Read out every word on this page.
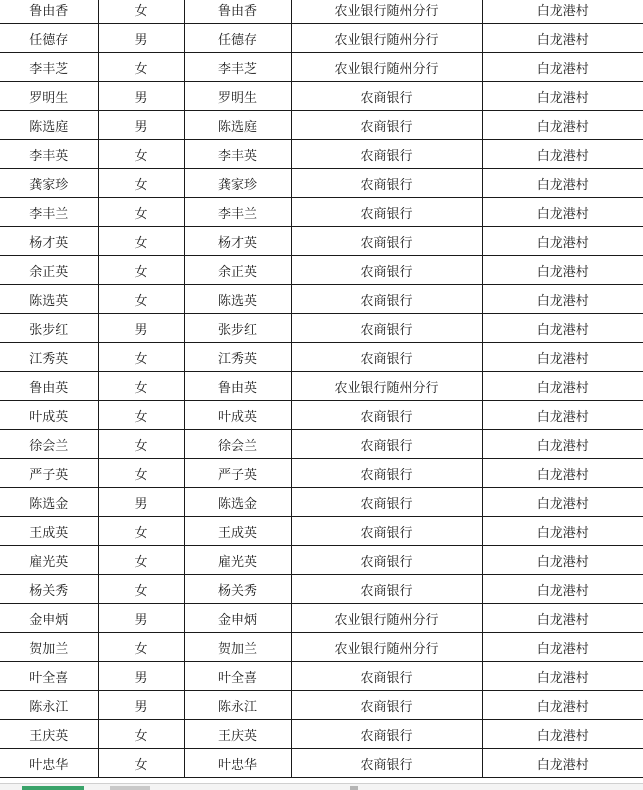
鲁由香	女	鲁由香	农业银行随州分行	白龙港村
任德存	男	任德存	农业银行随州分行	白龙港村
李丰芝	女	李丰芝	农业银行随州分行	白龙港村
罗明生	男	罗明生	农商银行	白龙港村
陈选庭	男	陈选庭	农商银行	白龙港村
李丰英	女	李丰英	农商银行	白龙港村
龚家珍	女	龚家珍	农商银行	白龙港村
李丰兰	女	李丰兰	农商银行	白龙港村
杨才英	女	杨才英	农商银行	白龙港村
余正英	女	余正英	农商银行	白龙港村
陈选英	女	陈选英	农商银行	白龙港村
张步红	男	张步红	农商银行	白龙港村
江秀英	女	江秀英	农商银行	白龙港村
鲁由英	女	鲁由英	农业银行随州分行	白龙港村
叶成英	女	叶成英	农商银行	白龙港村
徐会兰	女	徐会兰	农商银行	白龙港村
严子英	女	严子英	农商银行	白龙港村
陈选金	男	陈选金	农商银行	白龙港村
王成英	女	王成英	农商银行	白龙港村
雇光英	女	雇光英	农商银行	白龙港村
杨关秀	女	杨关秀	农商银行	白龙港村
金申炳	男	金申炳	农业银行随州分行	白龙港村
贺加兰	女	贺加兰	农业银行随州分行	白龙港村
叶全喜	男	叶全喜	农商银行	白龙港村
陈永江	男	陈永江	农商银行	白龙港村
王庆英	女	王庆英	农商银行	白龙港村
叶忠华	女	叶忠华	农商银行	白龙港村
